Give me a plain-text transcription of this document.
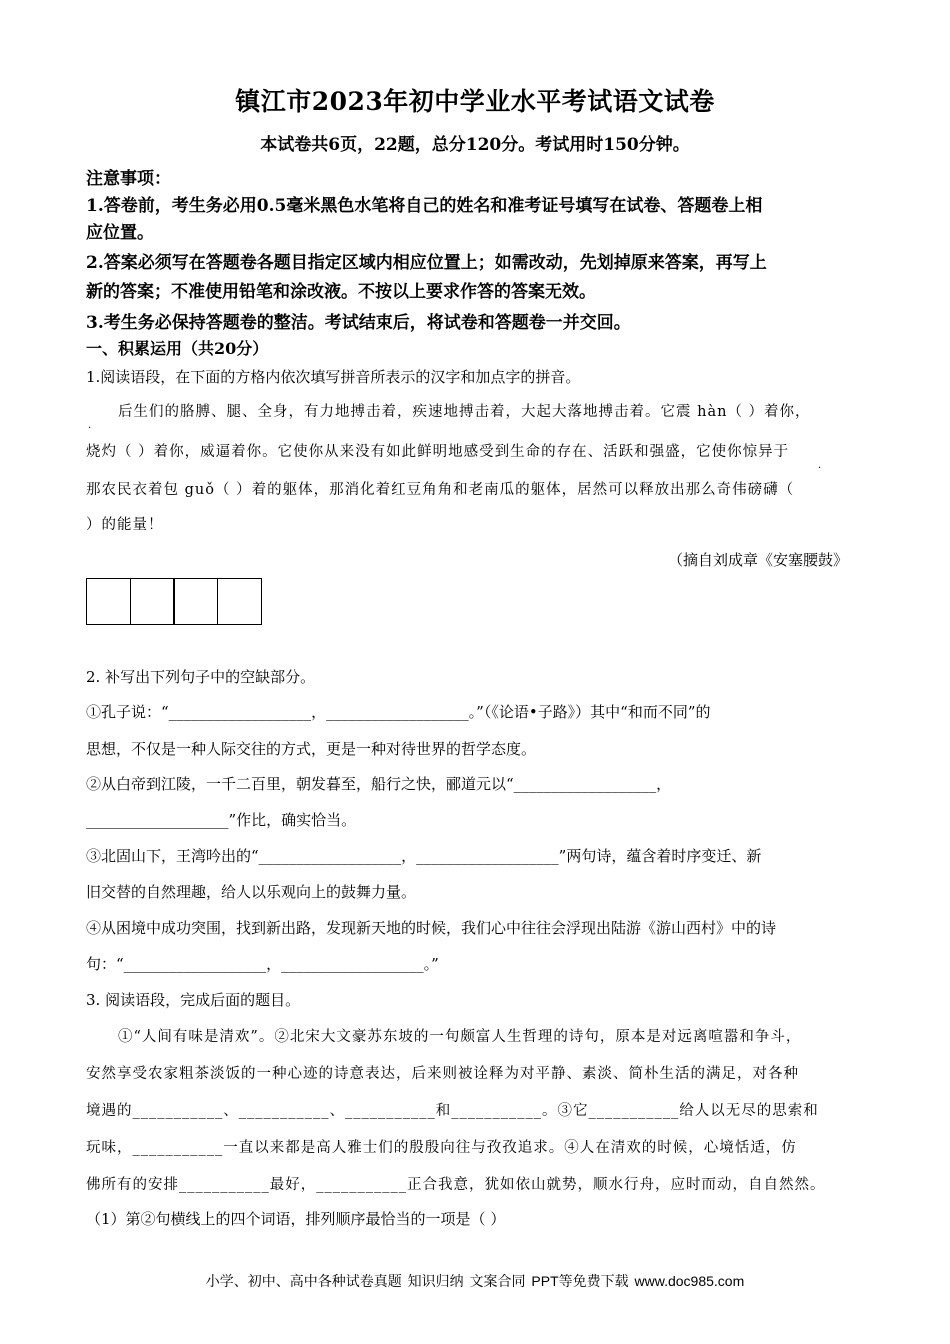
镇江市2023年初中学业水平考试语文试卷
本试卷共6页，22题，总分120分。考试用时150分钟。
注意事项：
1.答卷前，考生务必用0.5毫米黑色水笔将自己的姓名和准考证号填写在试卷、答题卷上相
应位置。
2.答案必须写在答题卷各题目指定区域内相应位置上；如需改动，先划掉原来答案，再写上
新的答案；不准使用铅笔和涂改液。不按以上要求作答的答案无效。
3.考生务必保持答题卷的整洁。考试结束后，将试卷和答题卷一并交回。
一、积累运用（共20分）
1.阅读语段，在下面的方格内依次填写拼音所表示的汉字和加点字的拼音。
后生们的胳膊、腿、全身，有力地搏击着，疾速地搏击着，大起大落地搏击着。它震 hàn（ ）着你，
·
烧灼（ ）着你，威逼着你。它使你从来没有如此鲜明地感受到生命的存在、活跃和强盛，它使你惊异于
·
那农民衣着包 guǒ（ ）着的躯体，那消化着红豆角角和老南瓜的躯体，居然可以释放出那么奇伟磅礴（
）的能量！
（摘自刘成章《安塞腰鼓》
2. 补写出下列句子中的空缺部分。
①孔子说：“___________________，___________________。”（《论语•子路》）其中“和而不同”的
思想，不仅是一种人际交往的方式，更是一种对待世界的哲学态度。
②从白帝到江陵，一千二百里，朝发暮至，船行之快，郦道元以“___________________，
___________________”作比，确实恰当。
③北固山下，王湾吟出的“___________________，___________________”两句诗，蕴含着时序变迁、新
旧交替的自然理趣，给人以乐观向上的鼓舞力量。
④从困境中成功突围，找到新出路，发现新天地的时候，我们心中往往会浮现出陆游《游山西村》中的诗
句：“___________________，___________________。”
3. 阅读语段，完成后面的题目。
①“人间有味是清欢”。②北宋大文豪苏东坡的一句颇富人生哲理的诗句，原本是对远离喧嚣和争斗，
安然享受农家粗茶淡饭的一种心迹的诗意表达，后来则被诠释为对平静、素淡、简朴生活的满足，对各种
境遇的___________、___________、___________和___________。③它___________给人以无尽的思索和
玩味，___________一直以来都是高人雅士们的殷殷向往与孜孜追求。④人在清欢的时候，心境恬适，仿
佛所有的安排___________最好，___________正合我意，犹如依山就势，顺水行舟，应时而动，自自然然。
（1）第②句横线上的四个词语，排列顺序最恰当的一项是（ ）
小学、初中、高中各种试卷真题 知识归纳 文案合同 PPT等免费下载 www.doc985.com
